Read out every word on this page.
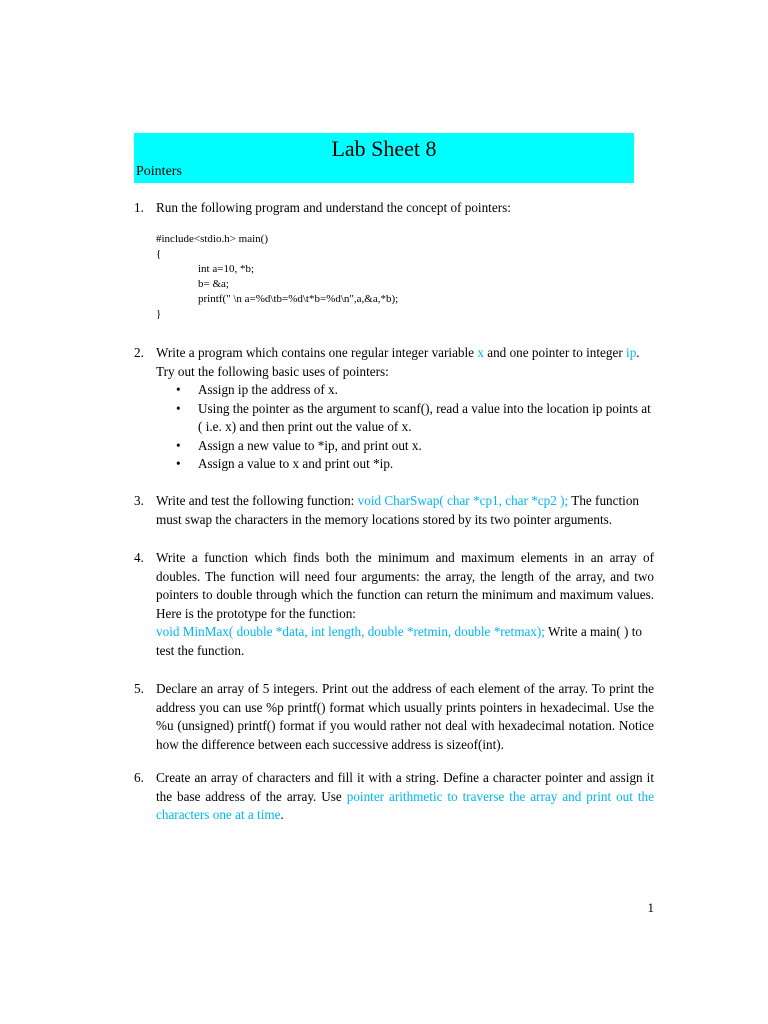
Lab Sheet 8
Pointers
1. Run the following program and understand the concept of pointers:
#include<stdio.h> main()
{
int a=10, *b;
b= &a;
printf(" \n a=%d\tb=%d\t*b=%d\n",a,&a,*b);
}
2. Write a program which contains one regular integer variable x and one pointer to integer ip. Try out the following basic uses of pointers:
• Assign ip the address of x.
• Using the pointer as the argument to scanf(), read a value into the location ip points at ( i.e. x) and then print out the value of x.
• Assign a new value to *ip, and print out x.
• Assign a value to x and print out *ip.
3. Write and test the following function: void CharSwap( char *cp1, char *cp2 ); The function must swap the characters in the memory locations stored by its two pointer arguments.
4. Write a function which finds both the minimum and maximum elements in an array of doubles. The function will need four arguments: the array, the length of the array, and two pointers to double through which the function can return the minimum and maximum values. Here is the prototype for the function:
void MinMax( double *data, int length, double *retmin, double *retmax); Write a main( ) to test the function.
5. Declare an array of 5 integers. Print out the address of each element of the array. To print the address you can use %p printf() format which usually prints pointers in hexadecimal. Use the %u (unsigned) printf() format if you would rather not deal with hexadecimal notation. Notice how the difference between each successive address is sizeof(int).
6. Create an array of characters and fill it with a string. Define a character pointer and assign it the base address of the array. Use pointer arithmetic to traverse the array and print out the characters one at a time.
1
